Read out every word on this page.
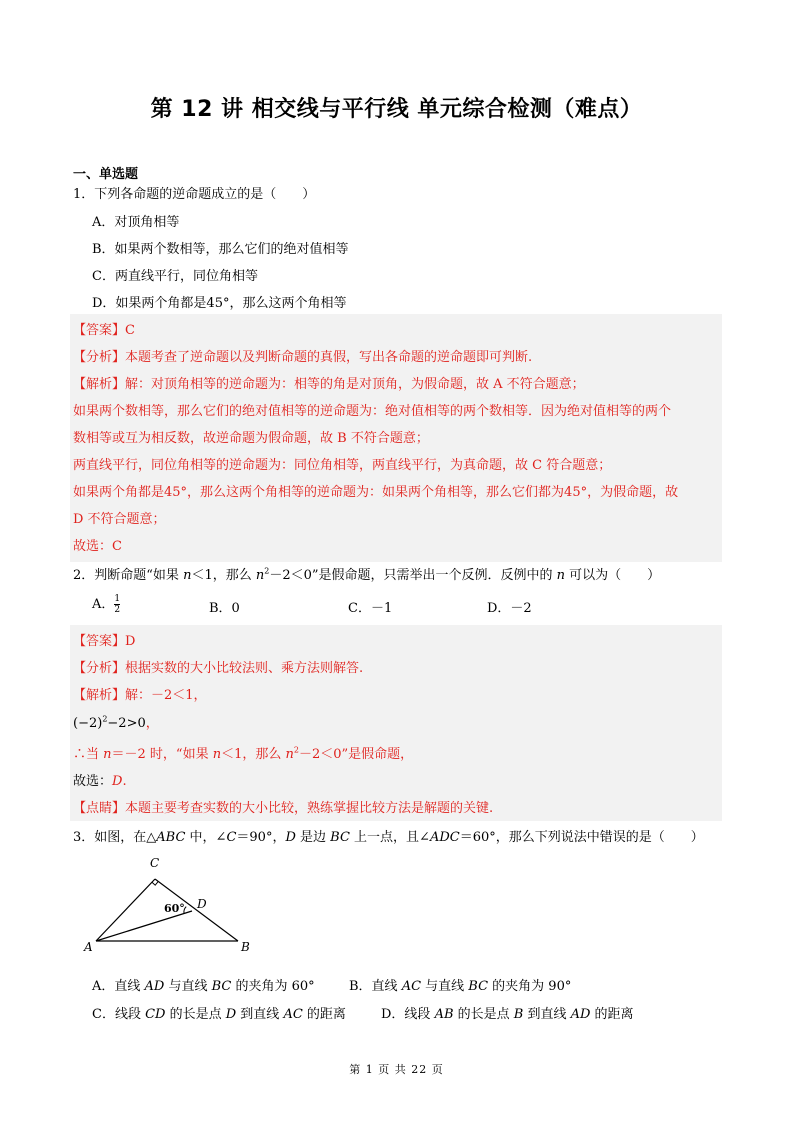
第 12 讲 相交线与平行线 单元综合检测（难点）
一、单选题
1．下列各命题的逆命题成立的是（　　）
A．对顶角相等
B．如果两个数相等，那么它们的绝对值相等
C．两直线平行，同位角相等
D．如果两个角都是45°，那么这两个角相等
【答案】C
【分析】本题考查了逆命题以及判断命题的真假，写出各命题的逆命题即可判断.
【解析】解：对顶角相等的逆命题为：相等的角是对顶角，为假命题，故 A 不符合题意；
如果两个数相等，那么它们的绝对值相等的逆命题为：绝对值相等的两个数相等．因为绝对值相等的两个
数相等或互为相反数，故逆命题为假命题，故 B 不符合题意；
两直线平行，同位角相等的逆命题为：同位角相等，两直线平行，为真命题，故 C 符合题意；
如果两个角都是45°，那么这两个角相等的逆命题为：如果两个角相等，那么它们都为45°，为假命题，故
D 不符合题意；
故选：C
2．判断命题“如果 n＜1，那么 $n^2-2<0$”是假命题，只需举出一个反例．反例中的 n 可以为（　　）
A．$\frac{1}{2}$	B．0	C．－1	D．－2
【答案】D
【分析】根据实数的大小比较法则、乘方法则解答.
【解析】解：－2＜1，
$(-2)^2-2>0$，
∴当 n＝－2 时，“如果 n＜1，那么 $n^2-2<0$”是假命题，
故选：D.
【点睛】本题主要考查实数的大小比较，熟练掌握比较方法是解题的关键.
3．如图，在△ABC 中，∠C＝90°，D 是边 BC 上一点，且∠ADC＝60°，那么下列说法中错误的是（　　）
C
D
A	B
60°
A．直线 AD 与直线 BC 的夹角为 60°	B．直线 AC 与直线 BC 的夹角为 90°
C．线段 CD 的长是点 D 到直线 AC 的距离	D．线段 AB 的长是点 B 到直线 AD 的距离
第 1 页 共 22 页
